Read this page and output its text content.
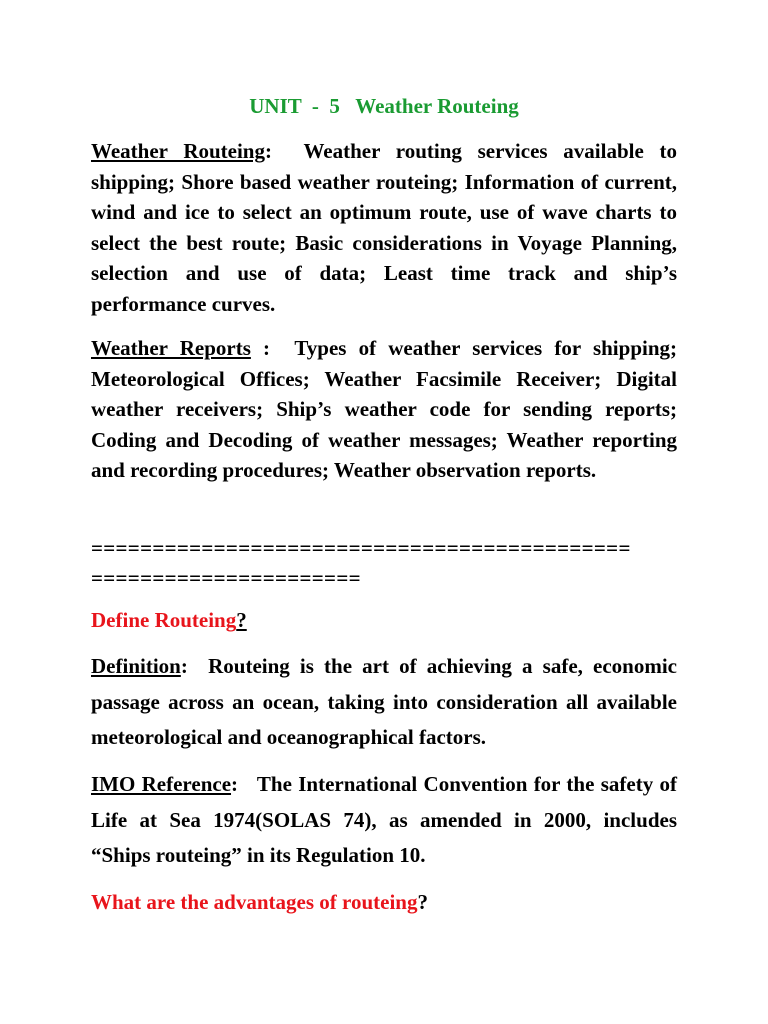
UNIT  -  5   Weather Routeing

Weather Routeing: Weather routing services available to shipping; Shore based weather routeing; Information of current, wind and ice to select an optimum route, use of wave charts to select the best route; Basic considerations in Voyage Planning, selection and use of data; Least time track and ship’s performance curves.

Weather Reports : Types of weather services for shipping; Meteorological Offices; Weather Facsimile Receiver; Digital weather receivers; Ship’s weather code for sending reports; Coding and Decoding of weather messages; Weather reporting and recording procedures; Weather observation reports.

============================================
======================

Define Routeing?

Definition: Routeing is the art of achieving a safe, economic passage across an ocean, taking into consideration all available meteorological and oceanographical factors.

IMO Reference: The International Convention for the safety of Life at Sea 1974(SOLAS 74), as amended in 2000, includes “Ships routeing” in its Regulation 10.

What are the advantages of routeing?
